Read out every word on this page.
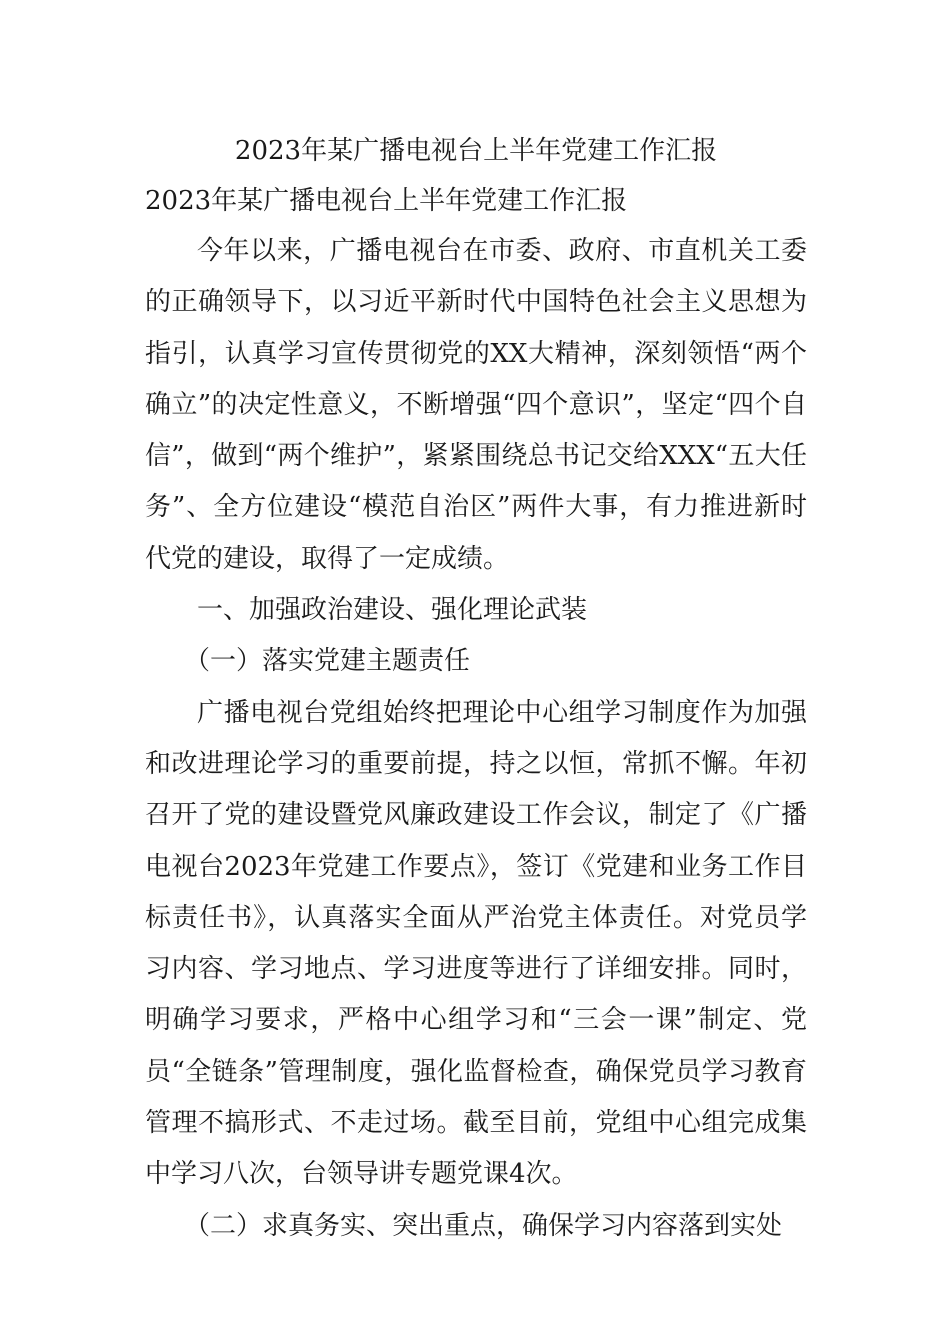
2023年某广播电视台上半年党建工作汇报
2023年某广播电视台上半年党建工作汇报

今年以来，广播电视台在市委、政府、市直机关工委的正确领导下，以习近平新时代中国特色社会主义思想为指引，认真学习宣传贯彻党的XX大精神，深刻领悟“两个确立”的决定性意义，不断增强“四个意识”，坚定“四个自信”，做到“两个维护”，紧紧围绕总书记交给XXX“五大任务”、全方位建设“模范自治区”两件大事，有力推进新时代党的建设，取得了一定成绩。

一、加强政治建设、强化理论武装

（一）落实党建主题责任

广播电视台党组始终把理论中心组学习制度作为加强和改进理论学习的重要前提，持之以恒，常抓不懈。年初召开了党的建设暨党风廉政建设工作会议，制定了《广播电视台2023年党建工作要点》，签订《党建和业务工作目标责任书》，认真落实全面从严治党主体责任。对党员学习内容、学习地点、学习进度等进行了详细安排。同时，明确学习要求，严格中心组学习和“三会一课”制定、党员“全链条”管理制度，强化监督检查，确保党员学习教育管理不搞形式、不走过场。截至目前，党组中心组完成集中学习八次，台领导讲专题党课4次。

（二）求真务实、突出重点，确保学习内容落到实处
